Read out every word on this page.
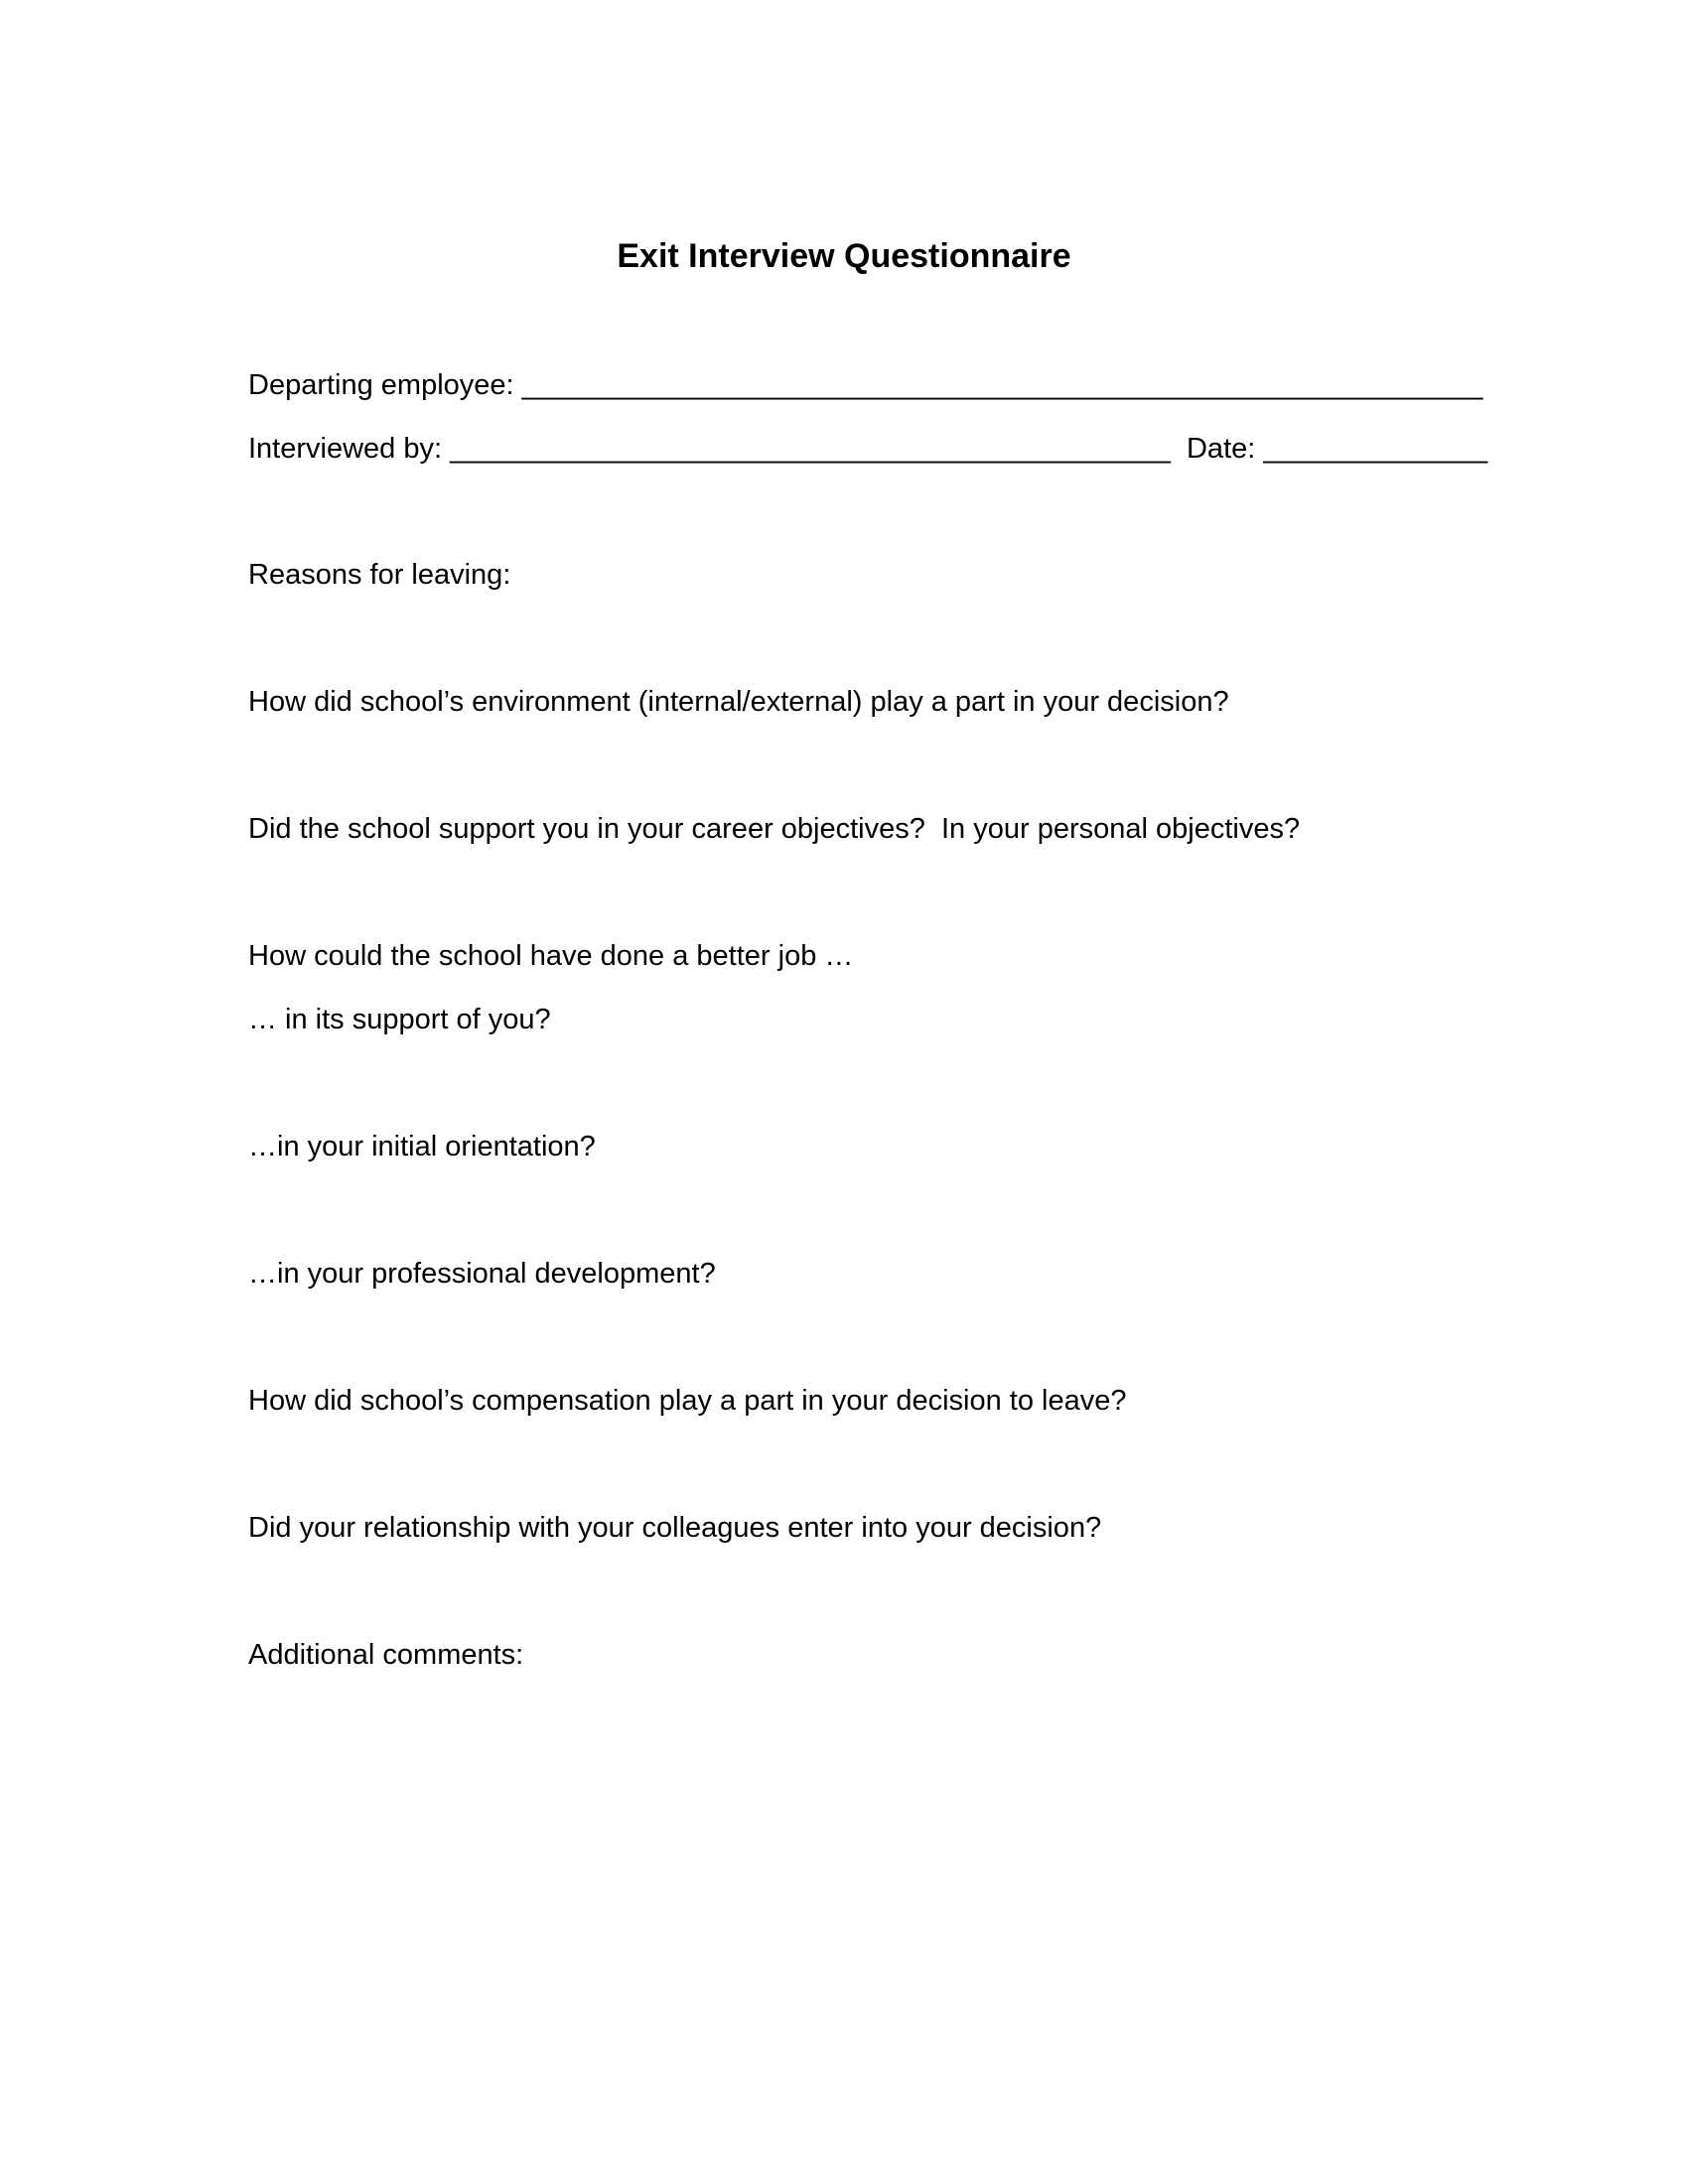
Exit Interview Questionnaire
Departing employee: ____________________________________________________________
Interviewed by: _____________________________________________  Date: ______________
Reasons for leaving:
How did school’s environment (internal/external) play a part in your decision?
Did the school support you in your career objectives?  In your personal objectives?
How could the school have done a better job …
… in its support of you?
…in your initial orientation?
…in your professional development?
How did school’s compensation play a part in your decision to leave?
Did your relationship with your colleagues enter into your decision?
Additional comments:
